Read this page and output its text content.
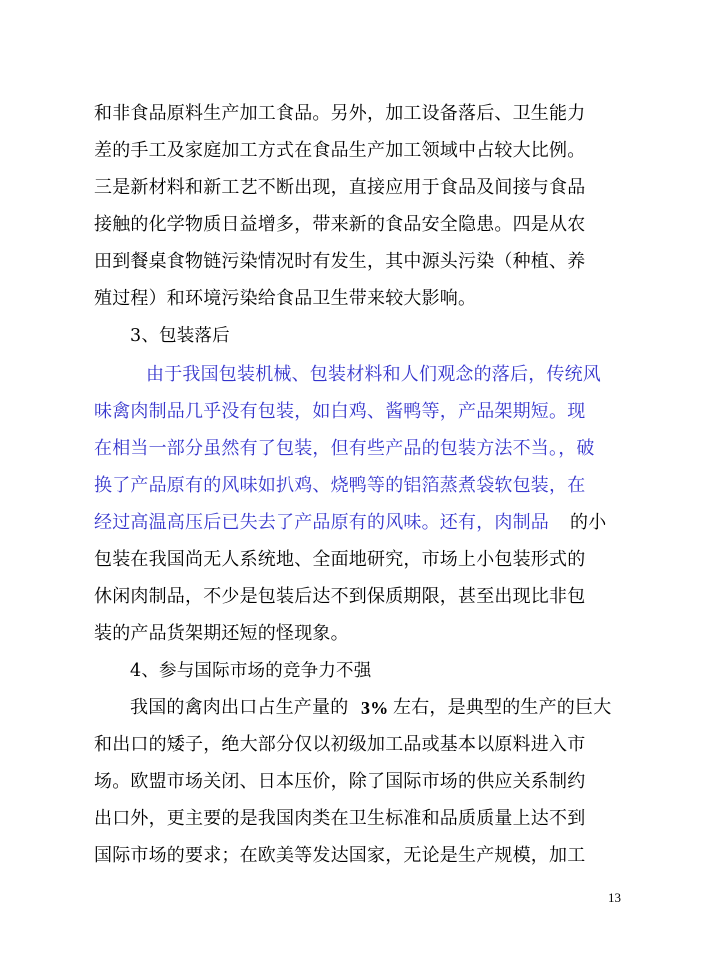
和非食品原料生产加工食品。另外，加工设备落后、卫生能力
差的手工及家庭加工方式在食品生产加工领域中占较大比例。
三是新材料和新工艺不断出现，直接应用于食品及间接与食品
接触的化学物质日益增多，带来新的食品安全隐患。四是从农
田到餐桌食物链污染情况时有发生，其中源头污染（种植、养
殖过程）和环境污染给食品卫生带来较大影响。
3、包装落后
由于我国包装机械、包装材料和人们观念的落后，传统风
味禽肉制品几乎没有包装，如白鸡、酱鸭等，产品架期短。现
在相当一部分虽然有了包装，但有些产品的包装方法不当。，破
换了产品原有的风味如扒鸡、烧鸭等的铝箔蒸煮袋软包装，在
经过高温高压后已失去了产品原有的风味。还有，肉制品 的小
包装在我国尚无人系统地、全面地研究，市场上小包装形式的
休闲肉制品，不少是包装后达不到保质期限，甚至出现比非包
装的产品货架期还短的怪现象。
4、参与国际市场的竞争力不强
我国的禽肉出口占生产量的 3% 左右，是典型的生产的巨大
和出口的矮子，绝大部分仅以初级加工品或基本以原料进入市
场。欧盟市场关闭、日本压价，除了国际市场的供应关系制约
出口外，更主要的是我国肉类在卫生标准和品质质量上达不到
国际市场的要求；在欧美等发达国家，无论是生产规模，加工
13
